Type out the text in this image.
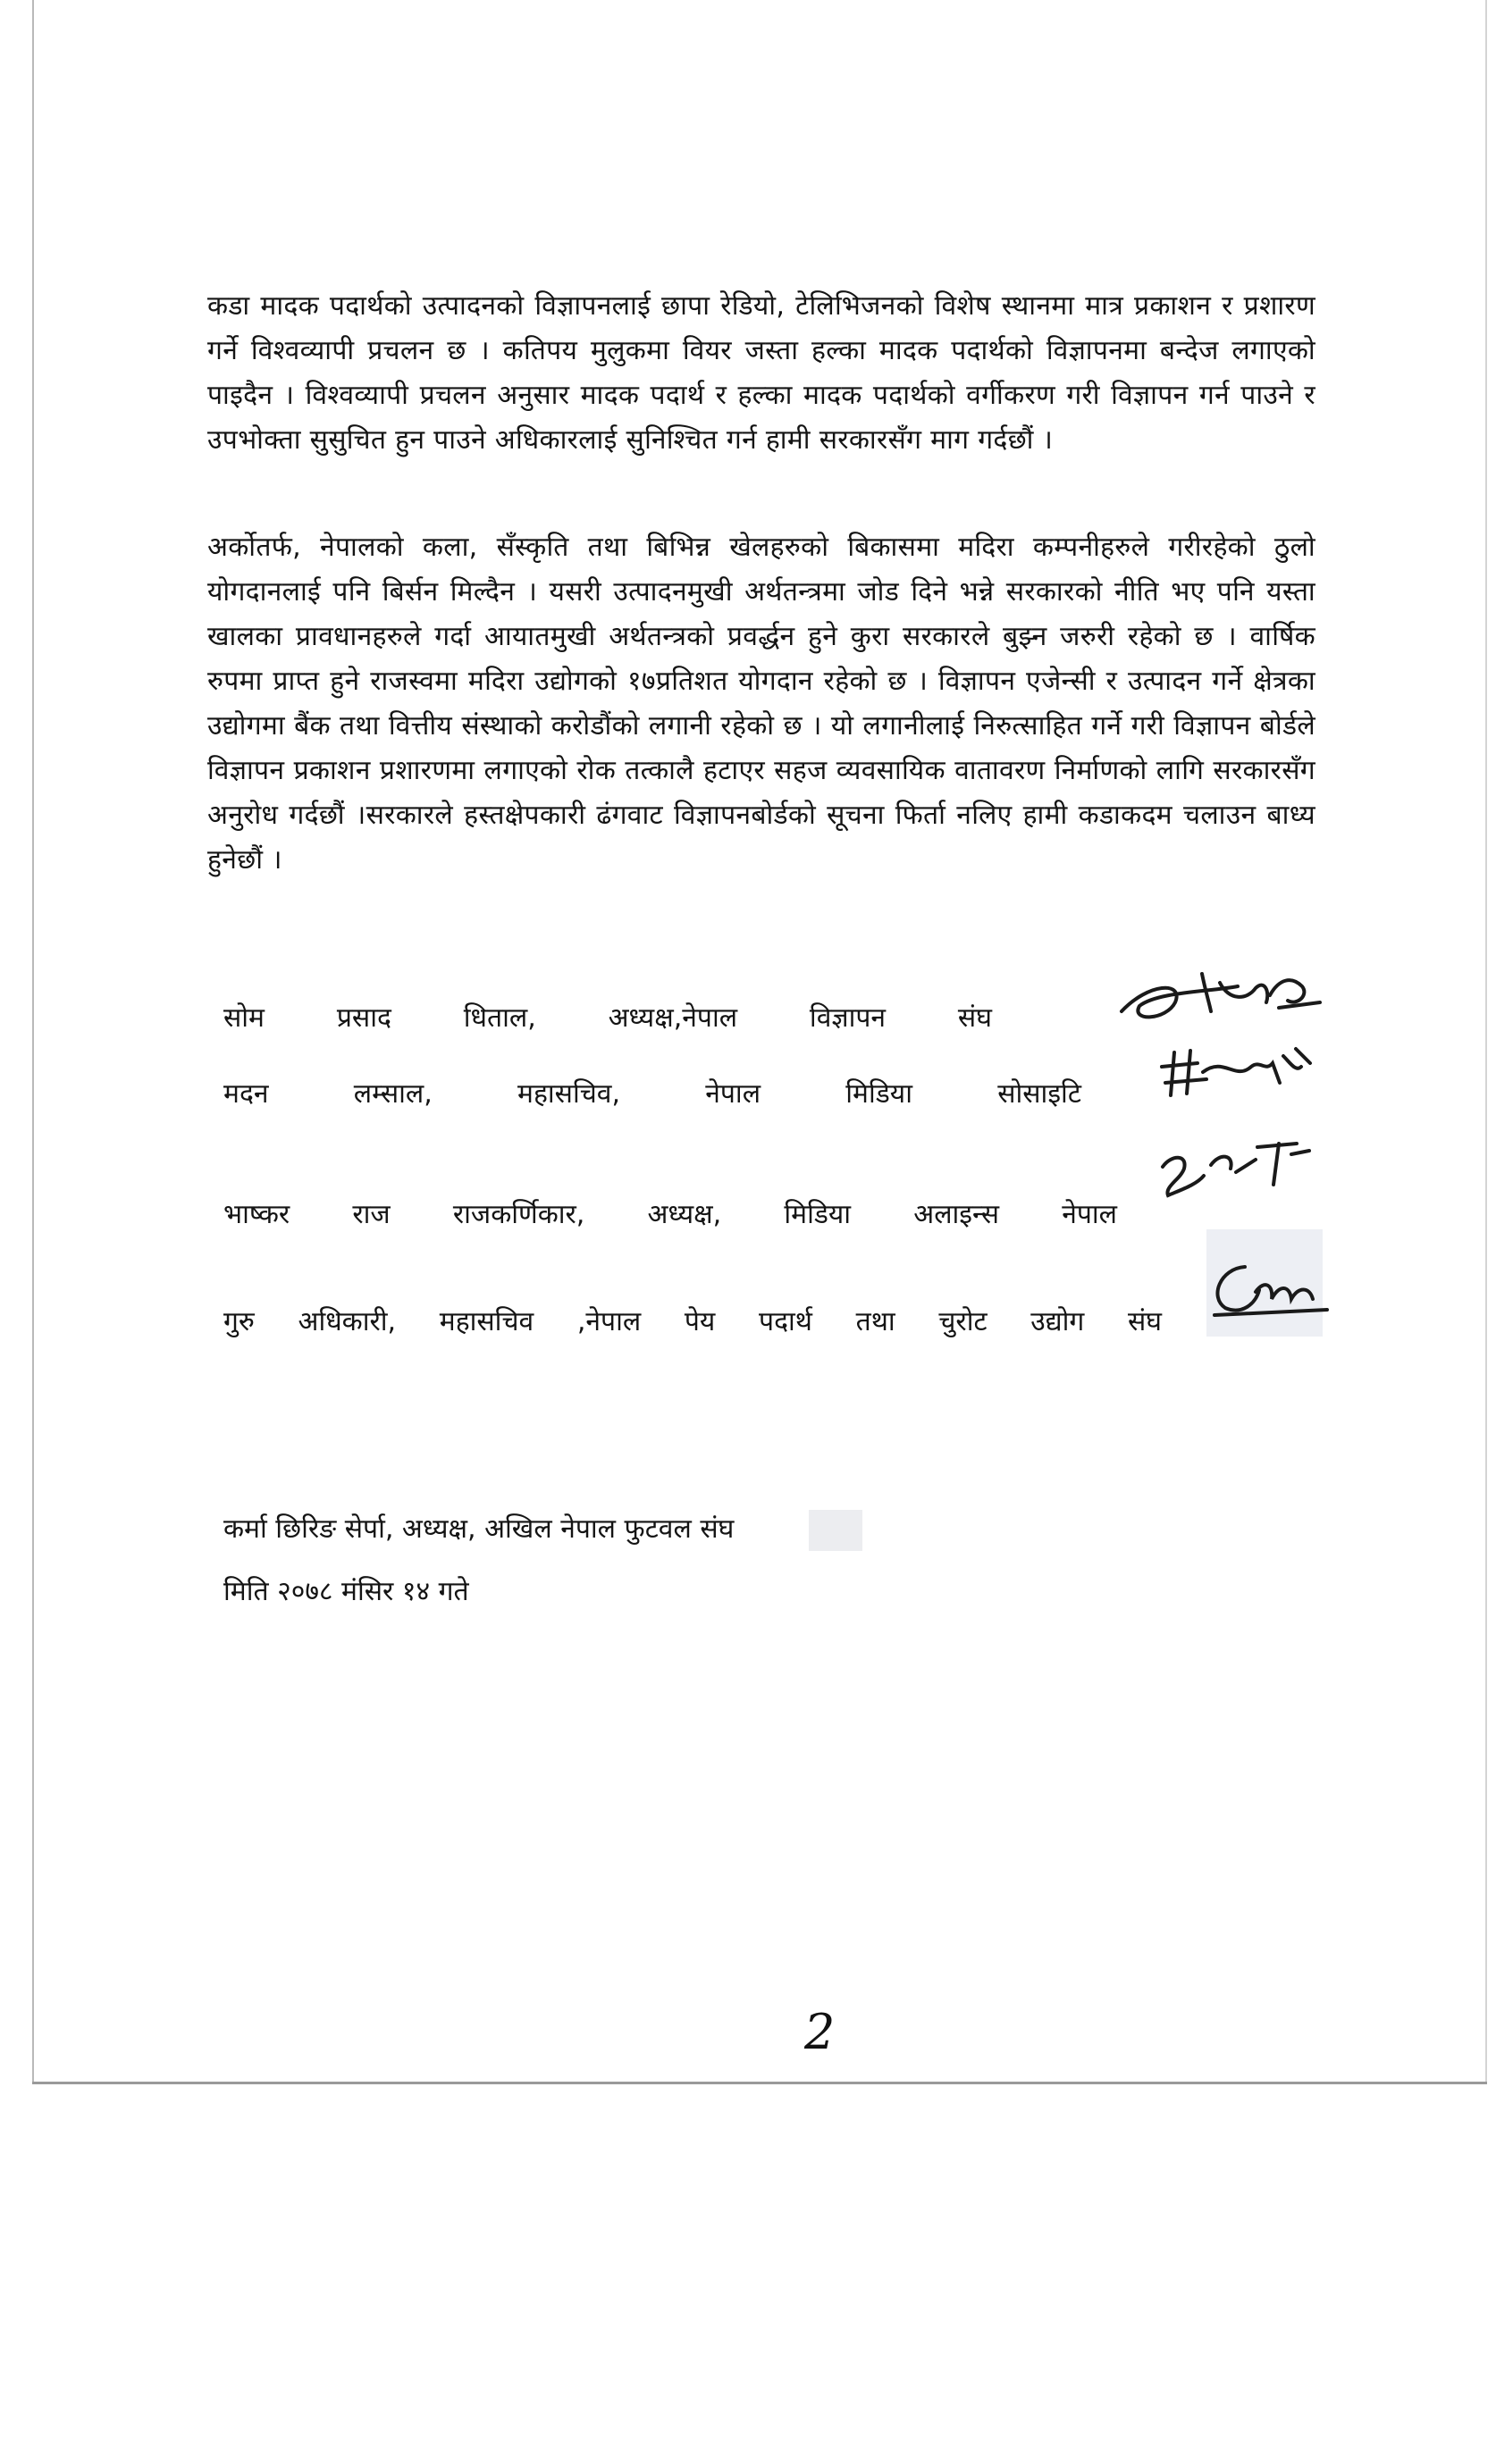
कडा मादक पदार्थको उत्पादनको विज्ञापनलाई छापा रेडियो, टेलिभिजनको विशेष स्थानमा मात्र प्रकाशन र प्रशारण गर्ने विश्वव्यापी प्रचलन छ । कतिपय मुलुकमा वियर जस्ता हल्का मादक पदार्थको विज्ञापनमा बन्देज लगाएको पाइदैन । विश्वव्यापी प्रचलन अनुसार मादक पदार्थ र हल्का मादक पदार्थको वर्गीकरण गरी विज्ञापन गर्न पाउने र उपभोक्ता सुसुचित हुन पाउने अधिकारलाई सुनिश्चित गर्न हामी सरकारसँग माग गर्दछौं ।

अर्कोतर्फ, नेपालको कला, सँस्कृति तथा बिभिन्न खेलहरुको बिकासमा मदिरा कम्पनीहरुले गरीरहेको ठुलो योगदानलाई पनि बिर्सन मिल्दैन । यसरी उत्पादनमुखी अर्थतन्त्रमा जोड दिने भन्ने सरकारको नीति भए पनि यस्ता खालका प्रावधानहरुले गर्दा आयातमुखी अर्थतन्त्रको प्रवर्द्धन हुने कुरा सरकारले बुझ्न जरुरी रहेको छ । वार्षिक रुपमा प्राप्त हुने राजस्वमा मदिरा उद्योगको १७प्रतिशत योगदान रहेको छ । विज्ञापन एजेन्सी र उत्पादन गर्ने क्षेत्रका उद्योगमा बैंक तथा वित्तीय संस्थाको करोडौंको लगानी रहेको छ । यो लगानीलाई निरुत्साहित गर्ने गरी विज्ञापन बोर्डले विज्ञापन प्रकाशन प्रशारणमा लगाएको रोक तत्कालै हटाएर सहज व्यवसायिक वातावरण निर्माणको लागि सरकारसँग अनुरोध गर्दछौं ।सरकारले हस्तक्षेपकारी ढंगवाट विज्ञापनबोर्डको सूचना फिर्ता नलिए हामी कडाकदम चलाउन बाध्य हुनेछौं ।

सोम	प्रसाद	धिताल,	अध्यक्ष,नेपाल	विज्ञापन	संघ
मदन	लम्साल,	महासचिव,	नेपाल	मिडिया	सोसाइटि
भाष्कर राज राजकर्णिकार, अध्यक्ष, मिडिया अलाइन्स नेपाल
गुरु अधिकारी, महासचिव ,नेपाल पेय पदार्थ तथा चुरोट उद्योग संघ

कर्मा छिरिङ सेर्पा, अध्यक्ष, अखिल नेपाल फुटवल संघ

मिति २०७८ मंसिर १४ गते

2
